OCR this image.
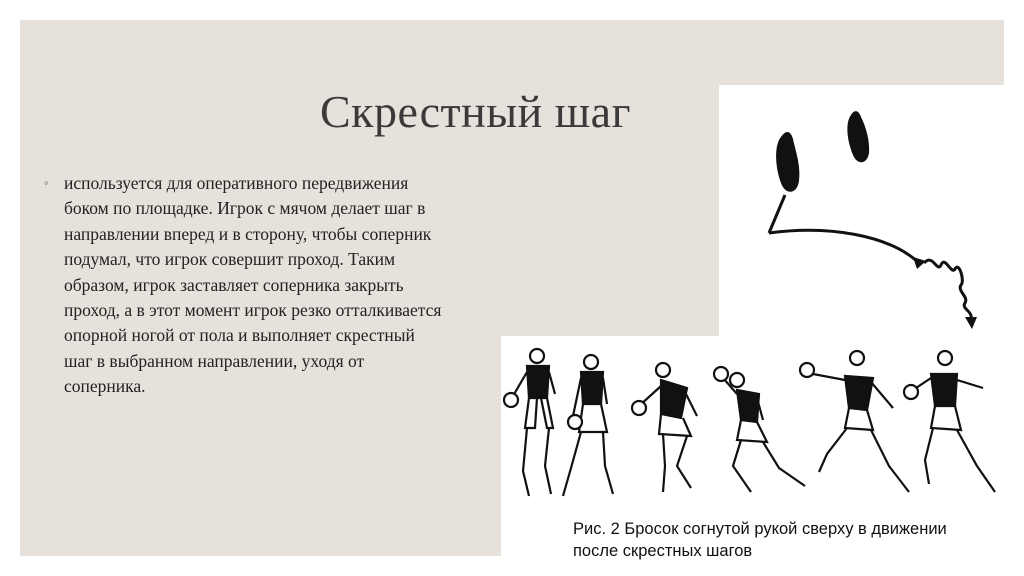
Скрестный шаг
◦ используется для оперативного передвижения боком по площадке. Игрок с мячом делает шаг в направлении вперед и в сторону, чтобы соперник подумал, что игрок совершит проход. Таким образом, игрок заставляет соперника закрыть проход, а в этот момент игрок резко отталкивается опорной ногой от пола и выполняет скрестный шаг в выбранном направлении, уходя от соперника.
Рис. 2 Бросок согнутой рукой сверху в движении после скрестных шагов
